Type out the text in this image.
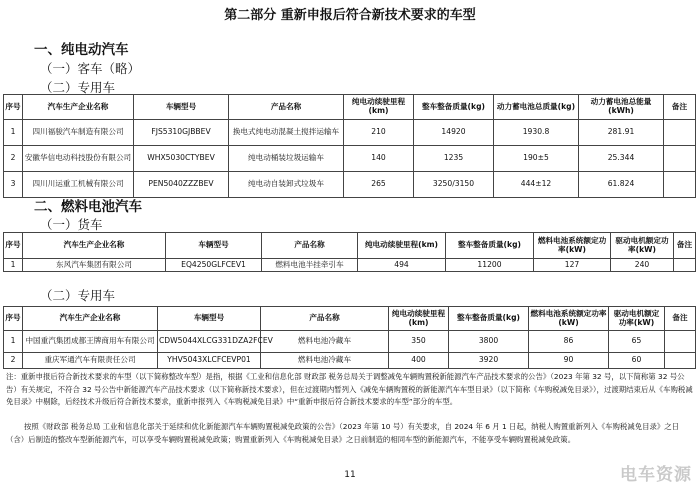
第二部分 重新申报后符合新技术要求的车型
一、纯电动汽车
（一）客车（略）
（二）专用车
序号	汽车生产企业名称	车辆型号	产品名称	纯电动续驶里程(km)	整车整备质量(kg)	动力蓄电池总质量(kg)	动力蓄电池总能量(kWh)	备注
1	四川福骏汽车制造有限公司	FJS5310GJBBEV	换电式纯电动混凝土搅拌运输车	210	14920	1930.8	281.91	
2	安徽华信电动科技股份有限公司	WHX5030CTYBEV	纯电动桶装垃圾运输车	140	1235	190±5	25.344	
3	四川川运重工机械有限公司	PEN5040ZZZBEV	纯电动自装卸式垃圾车	265	3250/3150	444±12	61.824	
二、燃料电池汽车
（一）货车
序号	汽车生产企业名称	车辆型号	产品名称	纯电动续驶里程(km)	整车整备质量(kg)	燃料电池系统额定功率(kW)	驱动电机额定功率(kW)	备注
1	东风汽车集团有限公司	EQ4250GLFCEV1	燃料电池半挂牵引车	494	11200	127	240	
（二）专用车
序号	汽车生产企业名称	车辆型号	产品名称	纯电动续驶里程(km)	整车整备质量(kg)	燃料电池系统额定功率(kW)	驱动电机额定功率(kW)	备注
1	中国重汽集团成都王牌商用车有限公司	CDW5044XLCG331DZA2FCEV	燃料电池冷藏车	350	3800	86	65	
2	重庆军通汽车有限责任公司	YHV5043XLCFCEVP01	燃料电池冷藏车	400	3920	90	60	
注：重新申报后符合新技术要求的车型（以下简称整改车型）是指，根据《工业和信息化部 财政部 税务总局关于调整减免车辆购置税新能源汽车产品技术要求的公告》（2023 年第 32 号，以下简称第 32 号公告）有关规定，不符合 32 号公告中新能源汽车产品技术要求（以下简称新技术要求），但在过渡期内暂列入《减免车辆购置税的新能源汽车车型目录》（以下简称《车购税减免目录》），过渡期结束后从《车购税减免目录》中剔除，后经技术升级后符合新技术要求，重新申报列入《车购税减免目录》中“重新申报后符合新技术要求的车型”部分的车型。
按照《财政部 税务总局 工业和信息化部关于延续和优化新能源汽车车辆购置税减免政策的公告》（2023 年第 10 号）有关要求，自 2024 年 6 月 1 日起，纳税人购置重新列入《车购税减免目录》之日（含）后制造的整改车型新能源汽车，可以享受车辆购置税减免政策；购置重新列入《车购税减免目录》之日前制造的相同车型的新能源汽车，不能享受车辆购置税减免政策。
11	电车资源
